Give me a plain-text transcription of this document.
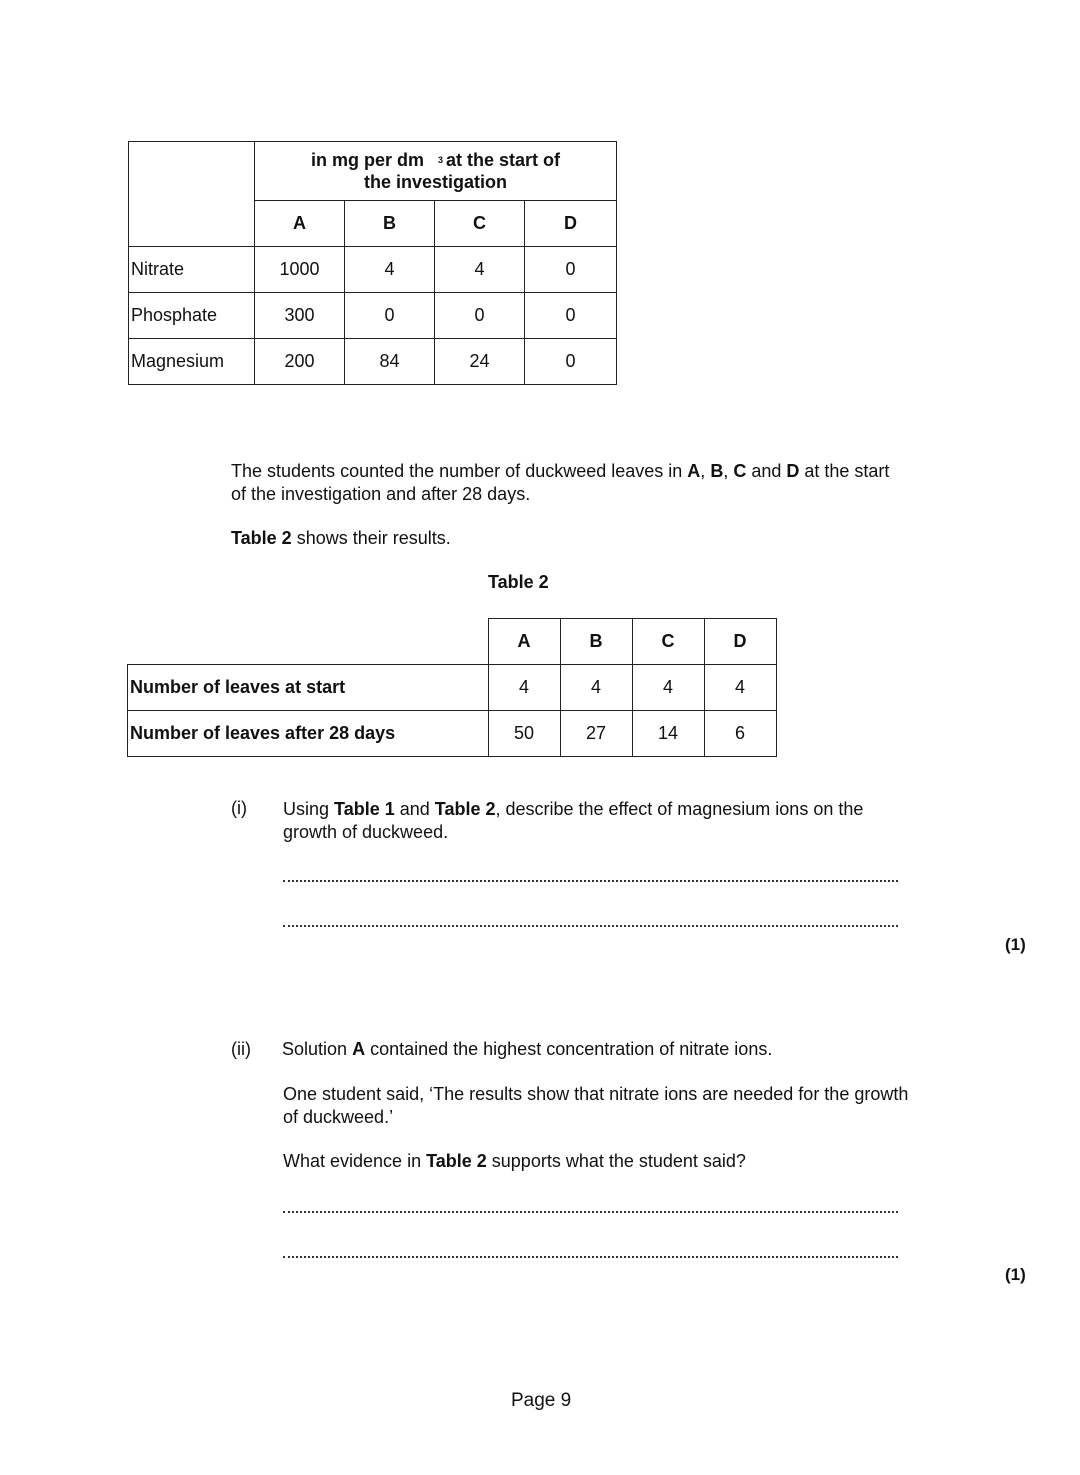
	in mg per dm $^3$ at the start of
the investigation			

	A	B	C	D
Nitrate	1000	4	4	0
Phosphate	300	0	0	0
Magnesium	200	84	24	0
The students counted the number of duckweed leaves in A, B, C and D at the start
of the investigation and after 28 days.
Table 2 shows their results.
Table 2
	A	B	C	D
Number of leaves at start	4	4	4	4
Number of leaves after 28 days	50	27	14	6
(i) Using Table 1 and Table 2, describe the effect of magnesium ions on the
growth of duckweed.
(1)
(ii) Solution A contained the highest concentration of nitrate ions.
One student said, ‘The results show that nitrate ions are needed for the growth
of duckweed.’
What evidence in Table 2 supports what the student said?
(1)
Page 9
